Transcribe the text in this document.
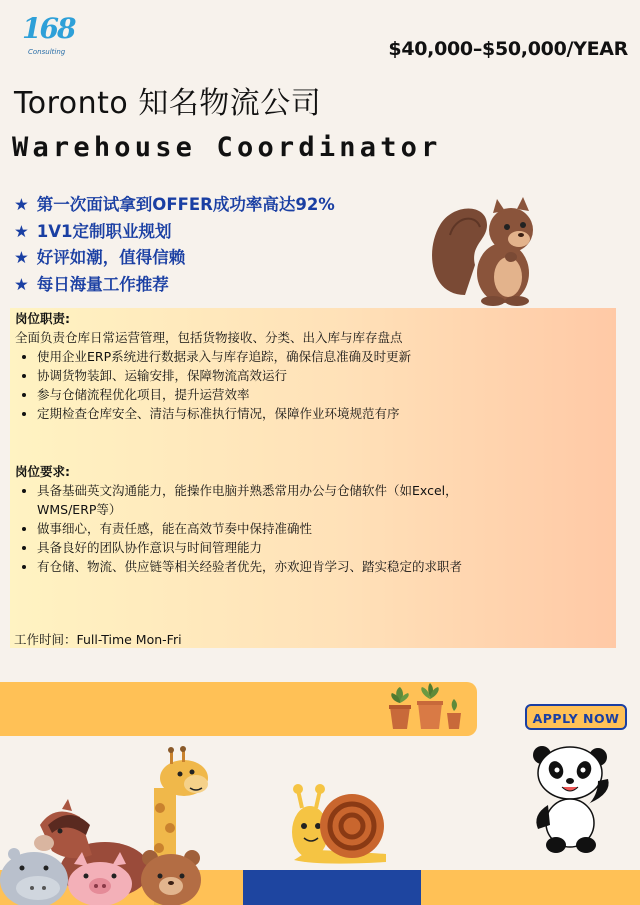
168
Consulting	$40,000–$50,000/YEAR
Toronto 知名物流公司
Warehouse Coordinator
★ 第一次面试拿到OFFER成功率高达92%
★ 1V1定制职业规划
★ 好评如潮，值得信赖
★ 每日海量工作推荐
岗位职责:
全面负责仓库日常运营管理，包括货物接收、分类、出入库与库存盘点
• 使用企业ERP系统进行数据录入与库存追踪，确保信息准确及时更新
• 协调货物装卸、运输安排，保障物流高效运行
• 参与仓储流程优化项目，提升运营效率
• 定期检查仓库安全、清洁与标准执行情况，保障作业环境规范有序
岗位要求:
• 具备基础英文沟通能力，能操作电脑并熟悉常用办公与仓储软件（如Excel，WMS/ERP等）
• 做事细心，有责任感，能在高效节奏中保持准确性
• 具备良好的团队协作意识与时间管理能力
• 有仓储、物流、供应链等相关经验者优先，亦欢迎肯学习、踏实稳定的求职者
工作时间：Full-Time Mon-Fri
APPLY NOW
